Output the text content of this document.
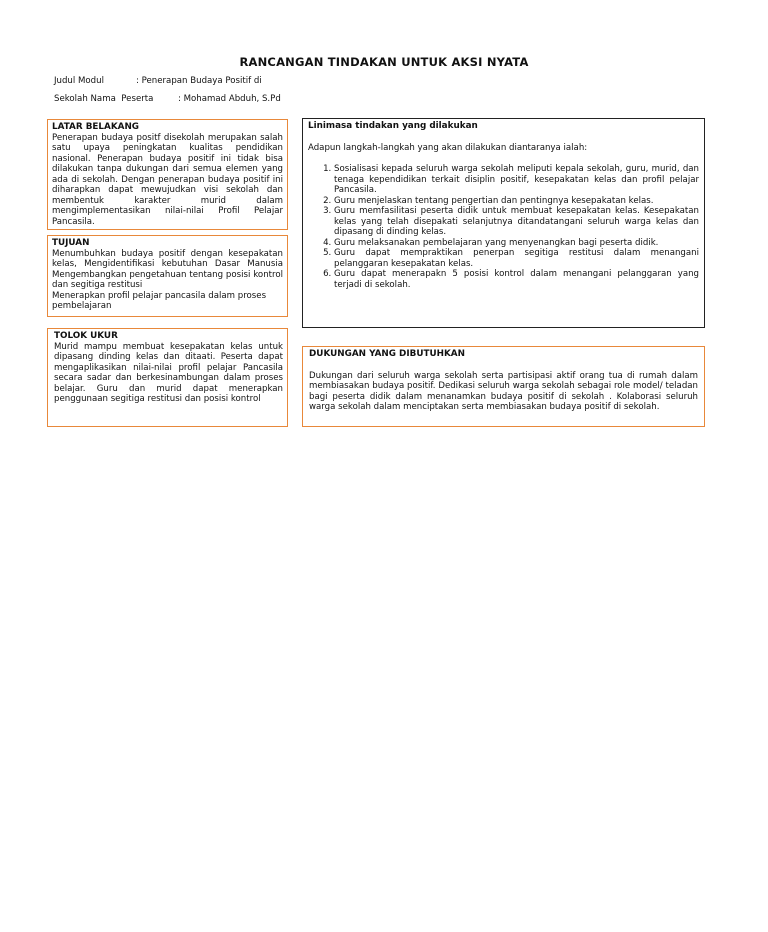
RANCANGAN TINDAKAN UNTUK AKSI NYATA
Judul Modul	: Penerapan Budaya Positif di
Sekolah Nama  Peserta	: Mohamad Abduh, S.Pd

LATAR BELAKANG

Penerapan budaya positf disekolah merupakan salah satu upaya peningkatan kualitas pendidikan nasional. Penerapan budaya positif ini tidak bisa dilakukan tanpa dukungan dari semua elemen yang ada di sekolah. Dengan penerapan budaya positif ini diharapkan dapat mewujudkan visi sekolah dan membentuk karakter murid dalam mengimplementasikan nilai-nilai Profil Pelajar Pancasila.

TUJUAN

Menumbuhkan budaya positif dengan kesepakatan kelas, Mengidentifikasi kebutuhan Dasar Manusia Mengembangkan pengetahuan tentang posisi kontrol dan segitiga restitusi

Menerapkan profil pelajar pancasila dalam proses pembelajaran

TOLOK UKUR

Murid mampu membuat kesepakatan kelas untuk dipasang dinding kelas dan ditaati. Peserta dapat mengaplikasikan nilai-nilai profil pelajar Pancasila secara sadar dan berkesinambungan dalam proses belajar. Guru dan murid dapat menerapkan penggunaan segitiga restitusi dan posisi kontrol

Linimasa tindakan yang dilakukan

Adapun langkah-langkah yang akan dilakukan diantaranya ialah:

1. Sosialisasi kepada seluruh warga sekolah meliputi kepala sekolah, guru, murid, dan tenaga kependidikan terkait disiplin positif, kesepakatan kelas dan profil pelajar Pancasila.
2. Guru menjelaskan tentang pengertian dan pentingnya kesepakatan kelas.
3. Guru memfasilitasi peserta didik untuk membuat kesepakatan kelas. Kesepakatan kelas yang telah disepakati selanjutnya ditandatangani seluruh warga kelas dan dipasang di dinding kelas.
4. Guru melaksanakan pembelajaran yang menyenangkan bagi peserta didik.
5. Guru dapat mempraktikan penerpan segitiga restitusi dalam menangani pelanggaran kesepakatan kelas.
6. Guru dapat menerapakn 5 posisi kontrol dalam menangani pelanggaran yang terjadi di sekolah.

DUKUNGAN YANG DIBUTUHKAN

Dukungan dari seluruh warga sekolah serta partisipasi aktif orang tua di rumah dalam membiasakan budaya positif. Dedikasi seluruh warga sekolah sebagai role model/ teladan bagi peserta didik dalam menanamkan budaya positif di sekolah . Kolaborasi seluruh warga sekolah dalam menciptakan serta membiasakan budaya positif di sekolah.
